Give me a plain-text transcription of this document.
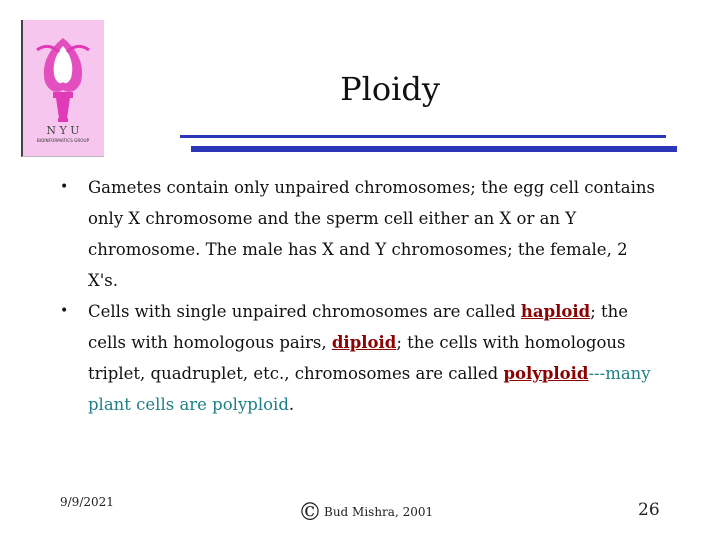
N Y U
BIOINFORMATICS GROUP
Ploidy
• Gametes contain only unpaired chromosomes; the egg cell contains only X chromosome and the sperm cell either an X or an Y chromosome. The male has X and Y chromosomes; the female, 2 X's.
• Cells with single unpaired chromosomes are called haploid; the cells with homologous pairs, diploid; the cells with homologous triplet, quadruplet, etc., chromosomes are called polyploid---many plant cells are polyploid.
9/9/2021	© Bud Mishra, 2001	26
